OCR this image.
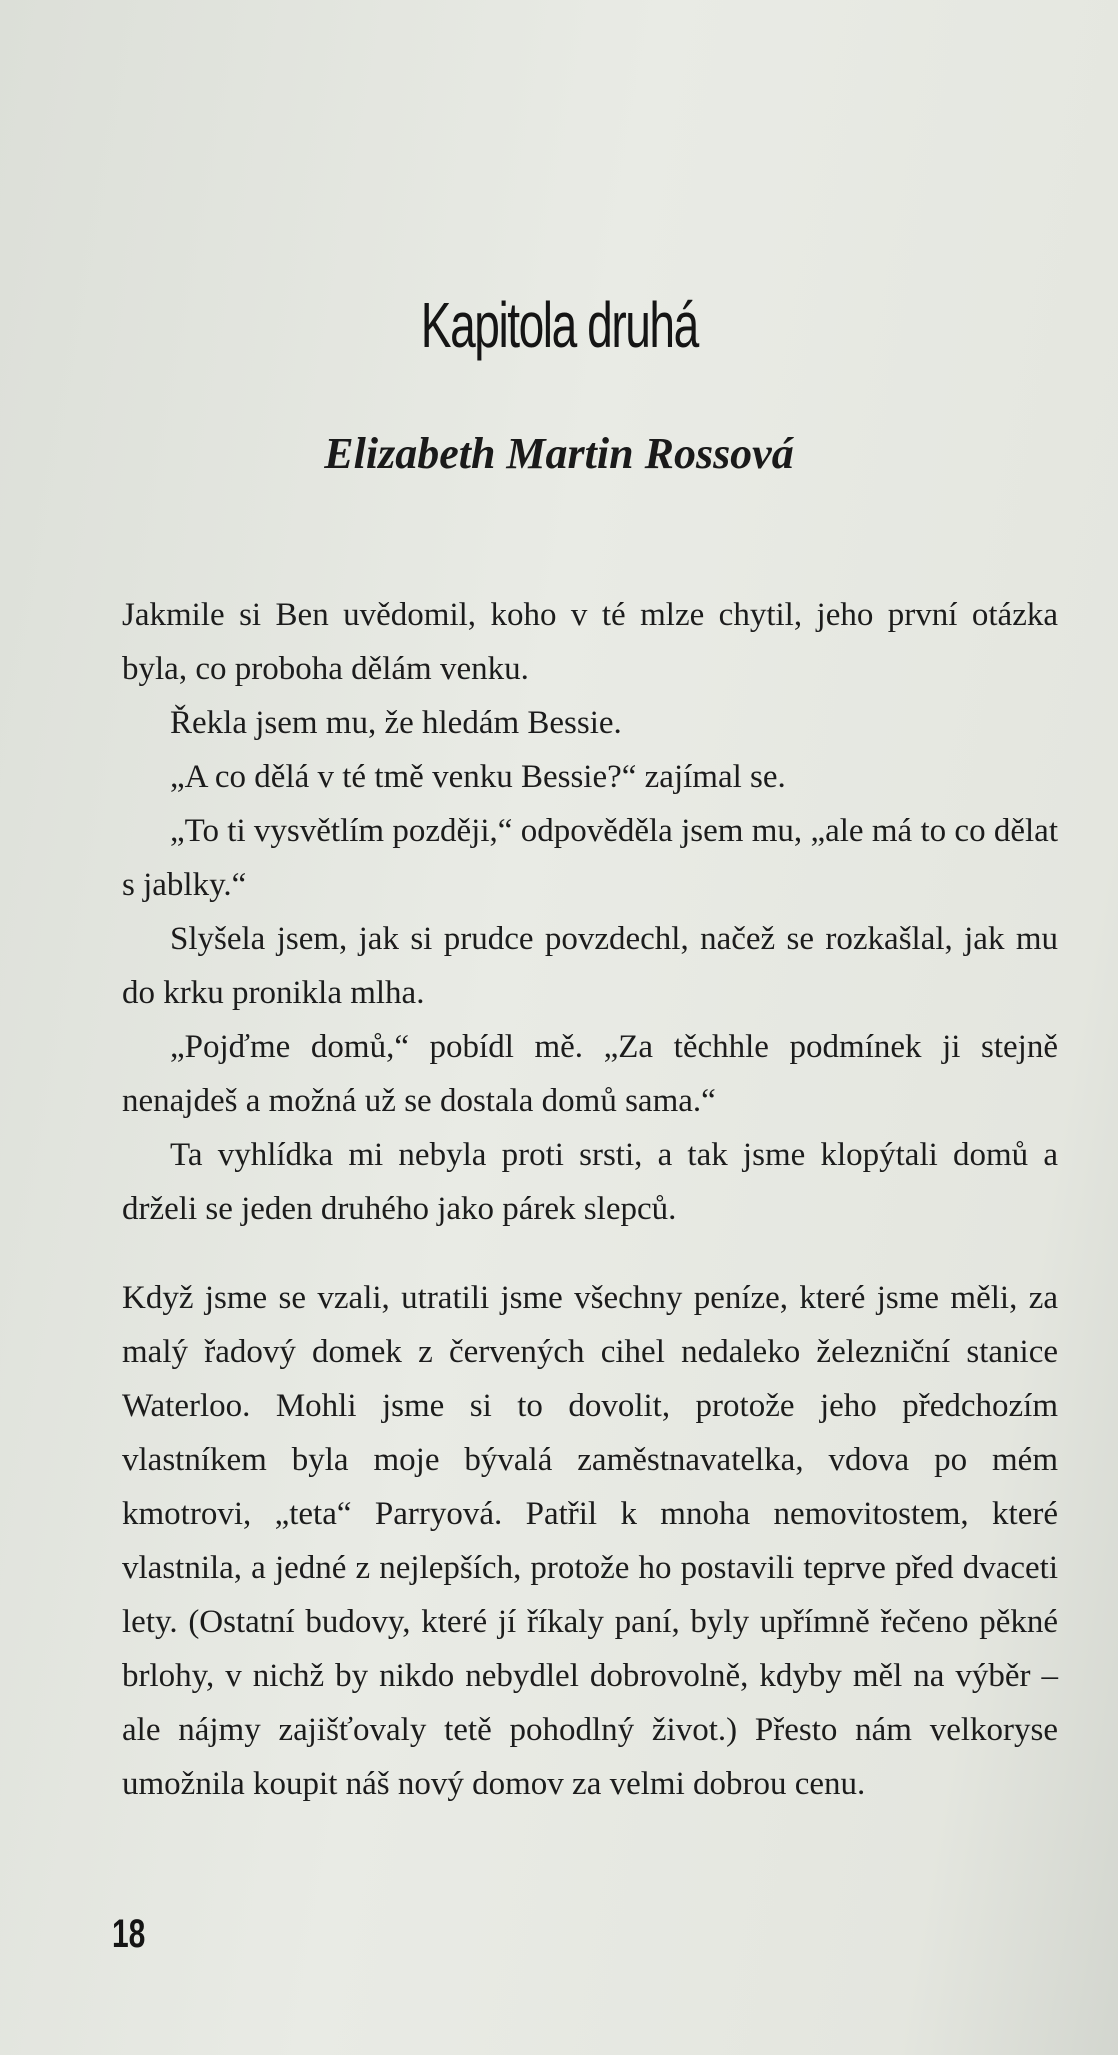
Kapitola druhá
Elizabeth Martin Rossová

Jakmile si Ben uvědomil, koho v té mlze chytil, jeho první otázka byla, co proboha dělám venku.

Řekla jsem mu, že hledám Bessie.

„A co dělá v té tmě venku Bessie?“ zajímal se.

„To ti vysvětlím později,“ odpověděla jsem mu, „ale má to co dělat s jablky.“

Slyšela jsem, jak si prudce povzdechl, načež se rozkašlal, jak mu do krku pronikla mlha.

„Pojďme domů,“ pobídl mě. „Za těchhle podmínek ji stejně nenajdeš a možná už se dostala domů sama.“

Ta vyhlídka mi nebyla proti srsti, a tak jsme klopýtali domů a drželi se jeden druhého jako párek slepců.

Když jsme se vzali, utratili jsme všechny peníze, které jsme měli, za malý řadový domek z červených cihel nedaleko železniční stanice Waterloo. Mohli jsme si to dovolit, protože jeho předchozím vlastníkem byla moje bývalá zaměstnavatelka, vdova po mém kmotrovi, „teta“ Parryová. Patřil k mnoha nemovitostem, které vlastnila, a jedné z nejlepších, protože ho postavili teprve před dvaceti lety. (Ostatní budovy, které jí říkaly paní, byly upřímně řečeno pěkné brlohy, v nichž by nikdo nebydlel dobrovolně, kdyby měl na výběr – ale nájmy zajišťovaly tetě pohodlný život.) Přesto nám velkoryse umožnila koupit náš nový domov za velmi dobrou cenu.

18
